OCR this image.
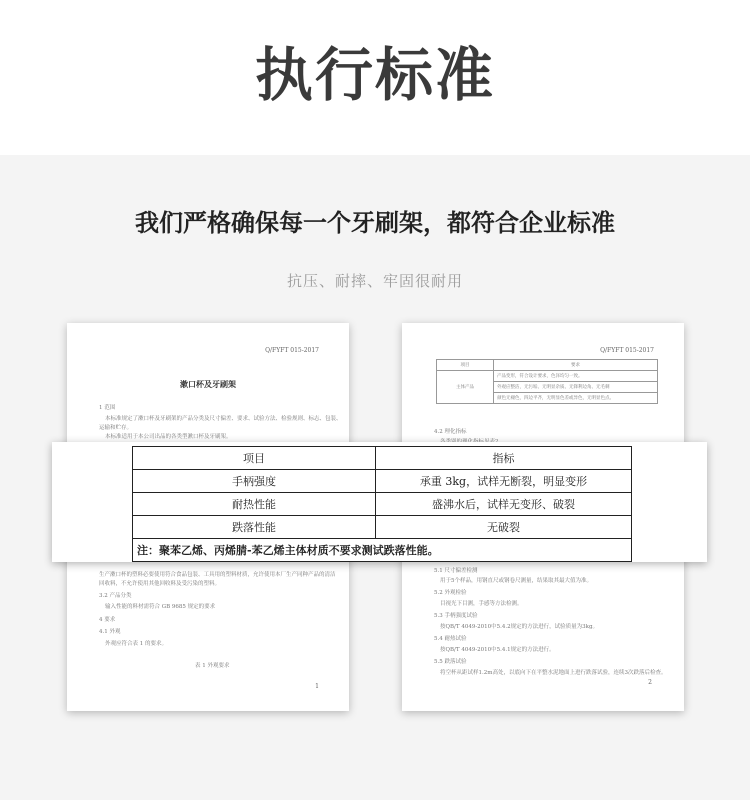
执行标准
我们严格确保每一个牙刷架，都符合企业标准
抗压、耐摔、牢固很耐用
Q/FYFT 015-2017
漱口杯及牙刷架
1 范围
本标准规定了漱口杯及牙刷架的产品分类及尺寸偏差、要求、试验方法、检验规则、标志、包装、
运输和贮存。
本标准适用于本公司出品的各类型漱口杯及牙刷架。
生产漱口杯的塑料必要使用符合食品包装、工具用的塑料材质，允许使用本厂生产同种产品的清洁
回收料，不允许使用其他回收料及受污染的塑料。
3.2 产品分类
输入性能的料材需符合 GB 9685 规定的要求
4 要求
4.1 外观
外观应符合表 1 的要求。
表 1 外观要求
1
Q/FYFT 015-2017
项目	要求
主体产品	产品变形，符合设计要求，色泽均匀一致。
	外观应整洁，无污垢、无明显杂质、无锋利边角、无毛刺
	颜色无褪色，四边平齐，无明显色差或异色，无明显色点。
4.2 理化指标
5.1 尺寸偏差检测
用于5个样品，用钢直尺或钢卷尺测量，结果取其最大值为准。
5.2 外观检验
目视光下目测，手感等方法检测。
5.3 手柄强度试验
按QB/T 4049-2010中5.4.2规定的方法进行，试验质量为3kg。
5.4 耐热试验
按QB/T 4049-2010中5.4.1规定的方法进行。
5.5 跌落试验
将空杯从距试样1.2m高处，以底向下在平整水泥地面上进行跌落试验，连续3次跌落后检查。
2
项目	指标
手柄强度	承重 3kg，试样无断裂，明显变形
耐热性能	盛沸水后，试样无变形、破裂
跌落性能	无破裂
注：聚苯乙烯、丙烯腈-苯乙烯主体材质不要求测试跌落性能。	
